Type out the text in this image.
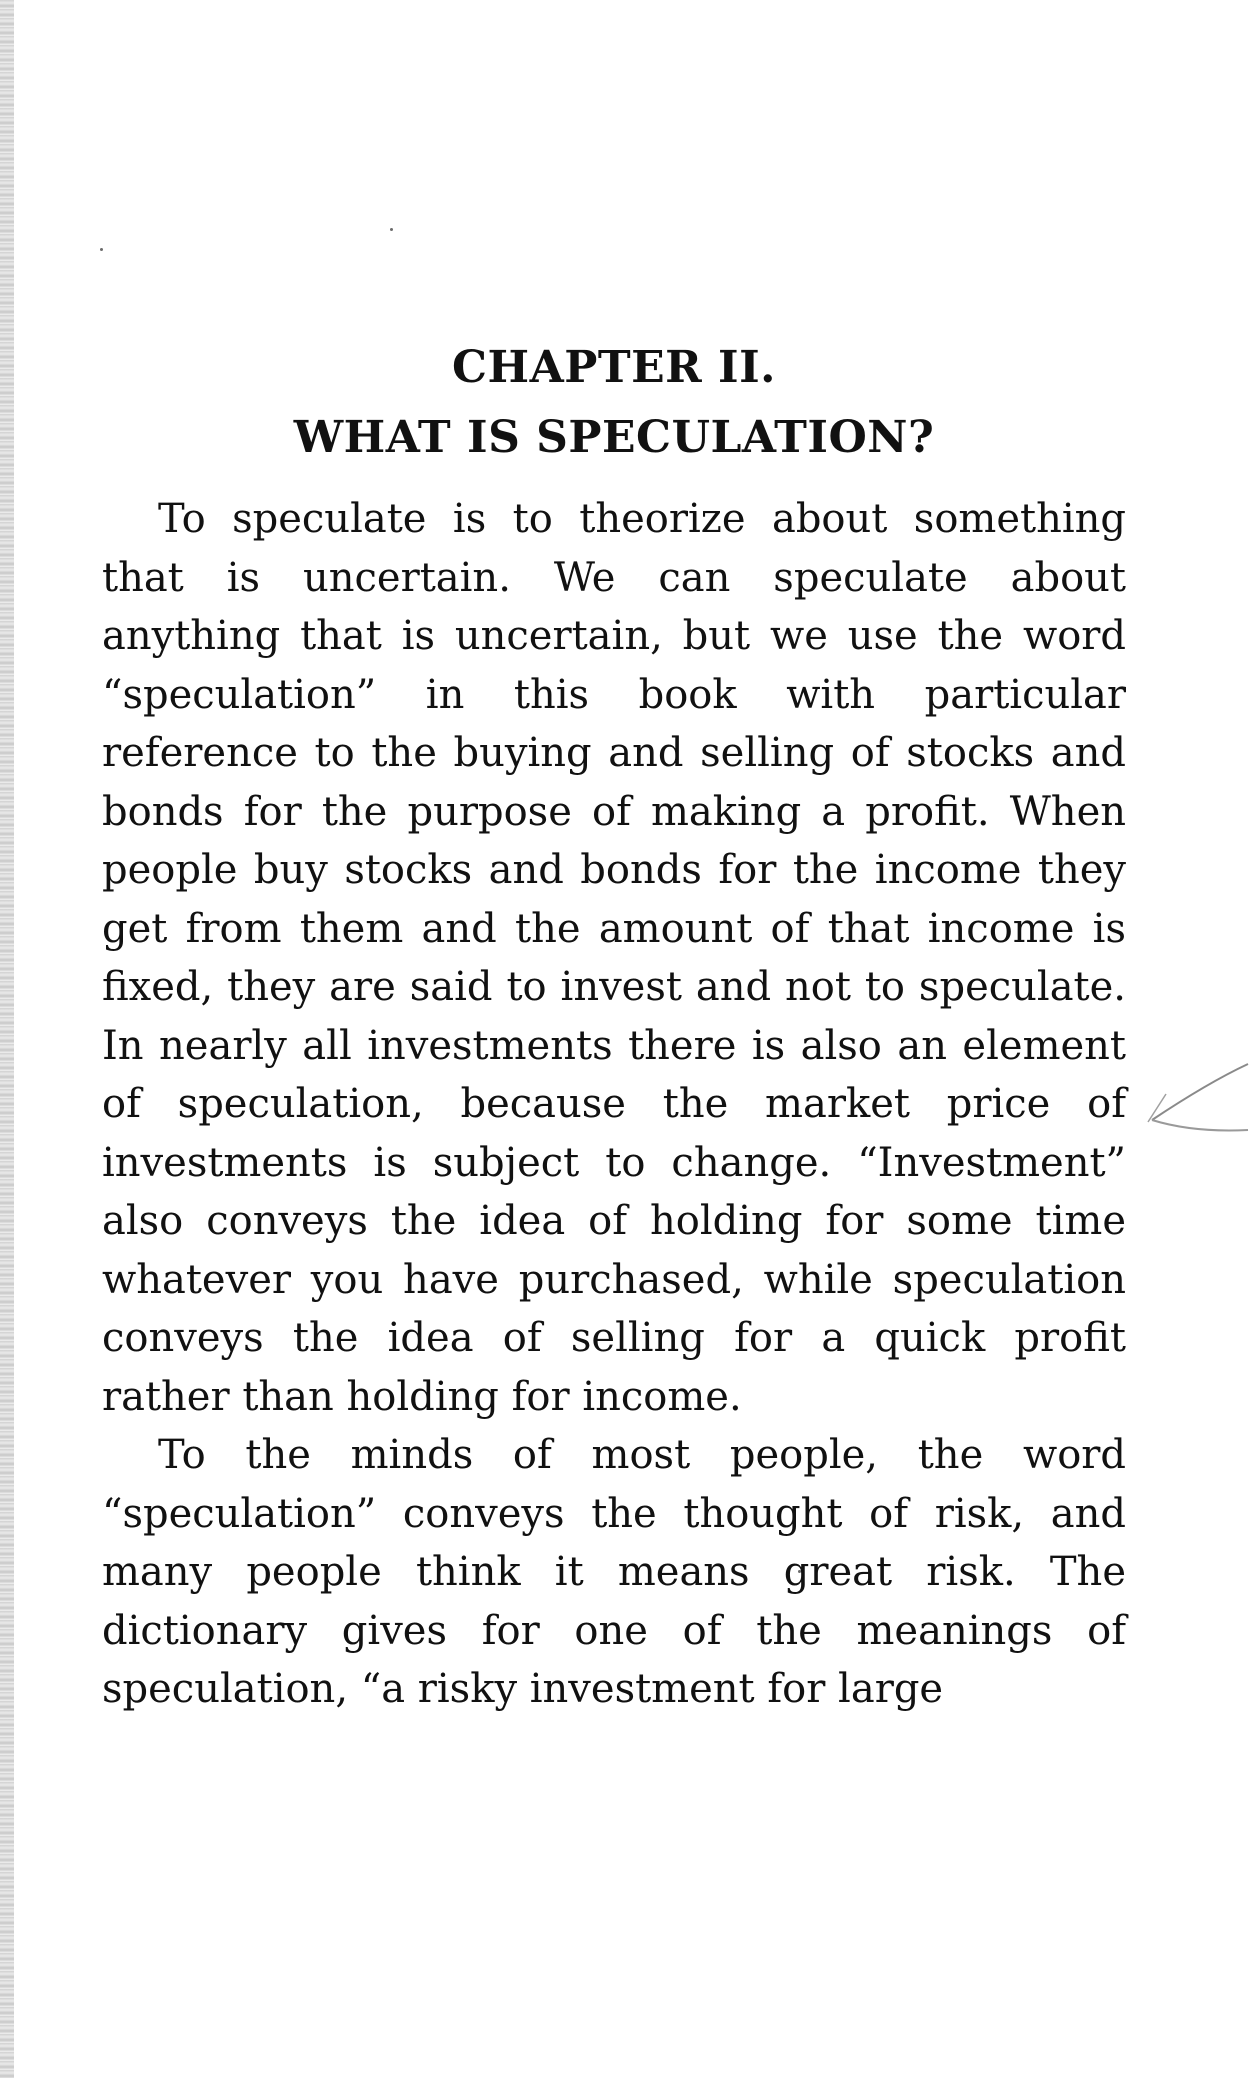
CHAPTER II.
WHAT IS SPECULATION?

To speculate is to theorize about something that is uncertain. We can speculate about anything that is uncertain, but we use the word “speculation” in this book with particular reference to the buying and selling of stocks and bonds for the purpose of making a profit. When people buy stocks and bonds for the income they get from them and the amount of that income is fixed, they are said to invest and not to speculate. In nearly all investments there is also an element of speculation, because the market price of investments is subject to change. “Investment” also conveys the idea of holding for some time whatever you have purchased, while speculation conveys the idea of selling for a quick profit rather than holding for income.

To the minds of most people, the word “speculation” conveys the thought of risk, and many people think it means great risk. The dictionary gives for one of the meanings of speculation, “a risky investment for large
